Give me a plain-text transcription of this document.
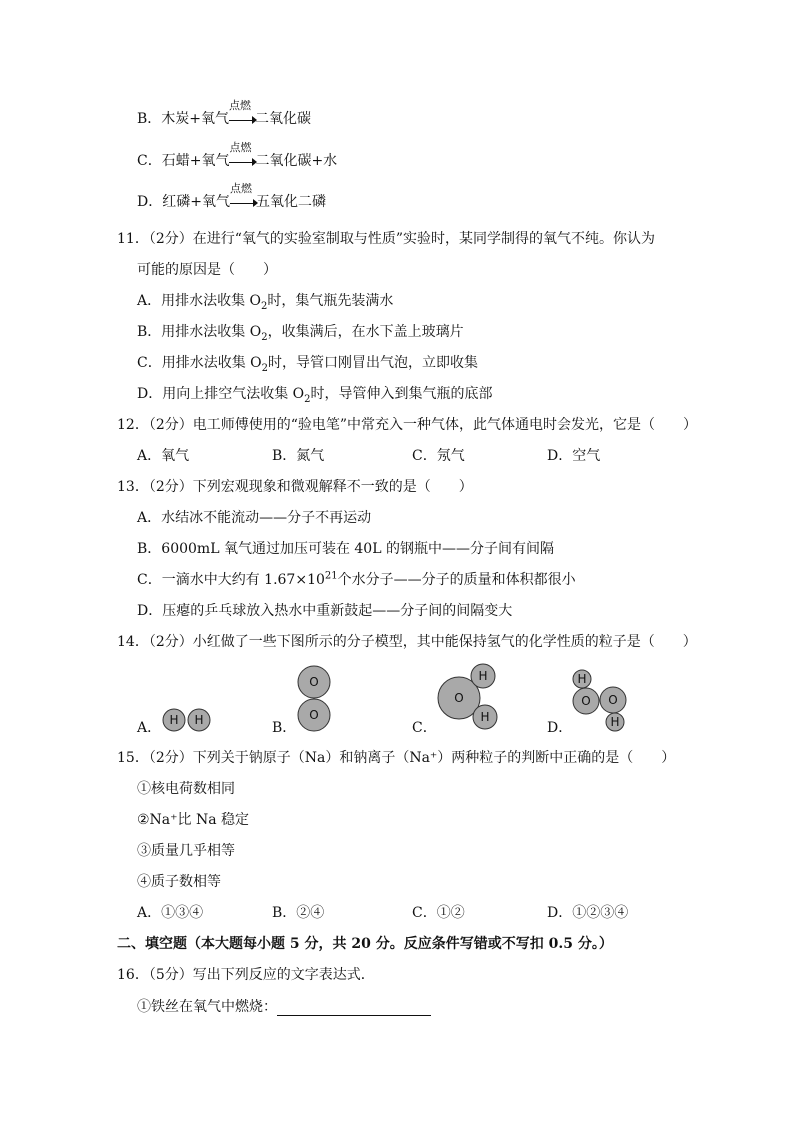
B．木炭+氧气
点燃
二氧化碳
C．石蜡+氧气
点燃
二氧化碳+水
D．红磷+氧气
点燃
五氧化二磷
11．（2分）在进行“氧气的实验室制取与性质”实验时，某同学制得的氧气不纯。你认为
可能的原因是（　　）
A．用排水法收集 $O_2$时，集气瓶先装满水
B．用排水法收集 $O_2$，收集满后，在水下盖上玻璃片
C．用排水法收集 $O_2$时，导管口刚冒出气泡，立即收集
D．用向上排空气法收集 $O_2$时，导管伸入到集气瓶的底部
12．（2分）电工师傅使用的“验电笔”中常充入一种气体，此气体通电时会发光，它是（　　）
A．氧气	B．氮气	C．氖气	D．空气
13．（2分）下列宏观现象和微观解释不一致的是（　　）
A．水结冰不能流动——分子不再运动
B．6000mL 氧气通过加压可装在 40L 的钢瓶中——分子间有间隔
C．一滴水中大约有 $1.67\times 10^{21}$个水分子——分子的质量和体积都很小
D．压瘪的乒乓球放入热水中重新鼓起——分子间的间隔变大
14．（2分）小红做了一些下图所示的分子模型，其中能保持氢气的化学性质的粒子是（　　）
A．	B．	C．	D．
H H
O
O
O
H
H
H
O O
H
15．（2分）下列关于钠原子（Na）和钠离子（Na⁺）两种粒子的判断中正确的是（　　）
①核电荷数相同
②Na⁺比 Na 稳定
③质量几乎相等
④质子数相等
A．①③④	B．②④	C．①②	D．①②③④
二、填空题（本大题每小题 5 分，共 20 分。反应条件写错或不写扣 0.5 分。）
16．（5分）写出下列反应的文字表达式．
①铁丝在氧气中燃烧：
